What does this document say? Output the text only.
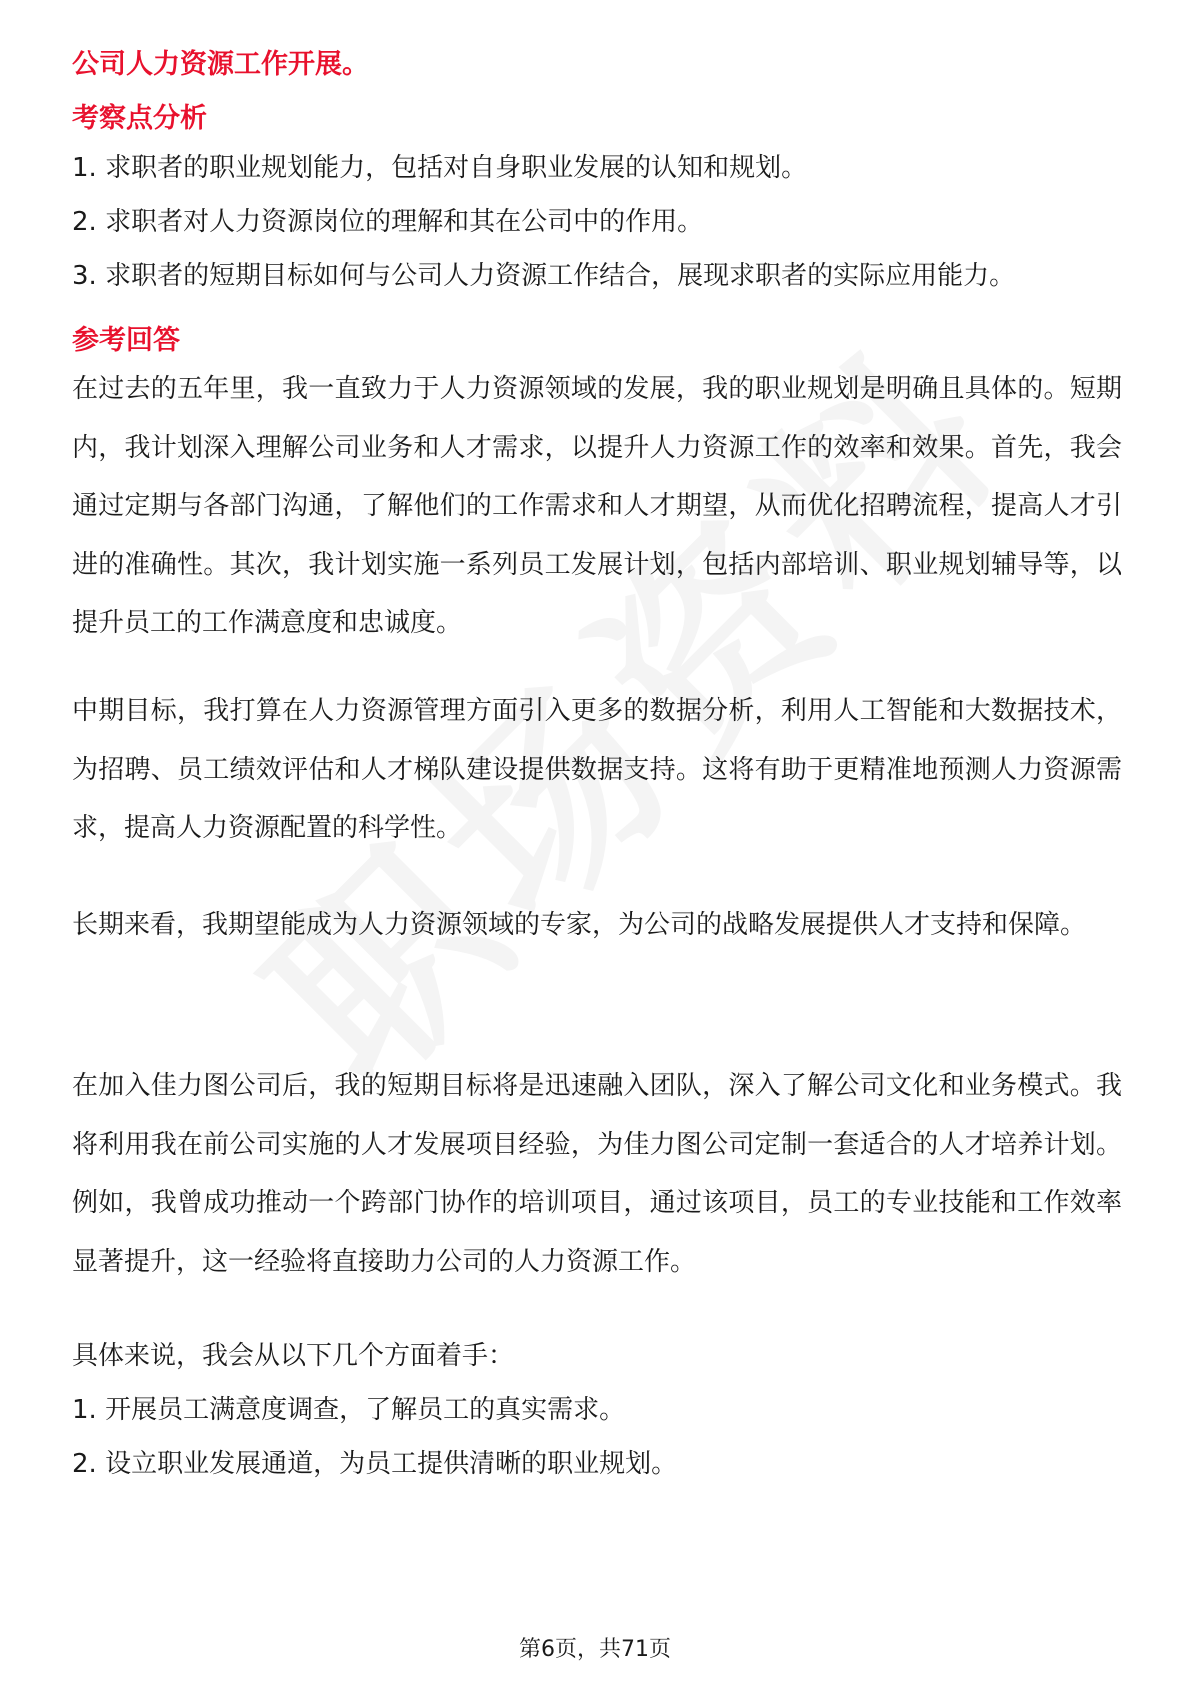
公司人力资源工作开展。

考察点分析

1. 求职者的职业规划能力，包括对自身职业发展的认知和规划。

2. 求职者对人力资源岗位的理解和其在公司中的作用。

3. 求职者的短期目标如何与公司人力资源工作结合，展现求职者的实际应用能力。

参考回答

在过去的五年里，我一直致力于人力资源领域的发展，我的职业规划是明确且具体的。短期内，我计划深入理解公司业务和人才需求，以提升人力资源工作的效率和效果。首先，我会通过定期与各部门沟通，了解他们的工作需求和人才期望，从而优化招聘流程，提高人才引进的准确性。其次，我计划实施一系列员工发展计划，包括内部培训、职业规划辅导等，以提升员工的工作满意度和忠诚度。

中期目标，我打算在人力资源管理方面引入更多的数据分析，利用人工智能和大数据技术，为招聘、员工绩效评估和人才梯队建设提供数据支持。这将有助于更精准地预测人力资源需求，提高人力资源配置的科学性。

长期来看，我期望能成为人力资源领域的专家，为公司的战略发展提供人才支持和保障。

在加入佳力图公司后，我的短期目标将是迅速融入团队，深入了解公司文化和业务模式。我将利用我在前公司实施的人才发展项目经验，为佳力图公司定制一套适合的人才培养计划。例如，我曾成功推动一个跨部门协作的培训项目，通过该项目，员工的专业技能和工作效率显著提升，这一经验将直接助力公司的人力资源工作。

具体来说，我会从以下几个方面着手：

1. 开展员工满意度调查，了解员工的真实需求。

2. 设立职业发展通道，为员工提供清晰的职业规划。

第6页，共71页
